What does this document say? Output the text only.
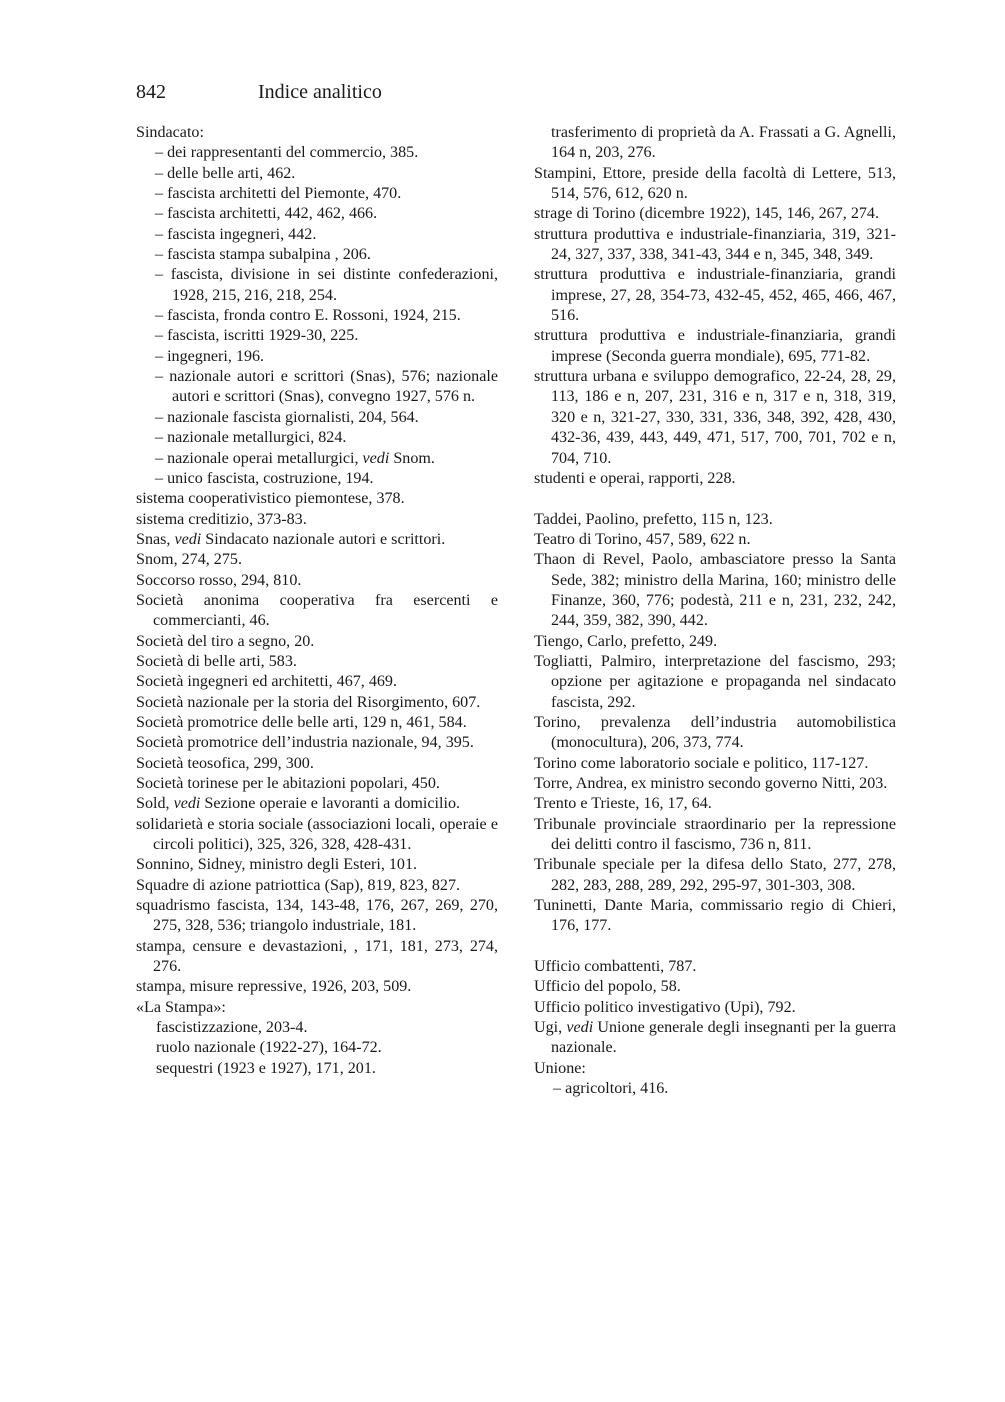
842	Indice analitico

Sindacato:

– dei rappresentanti del commercio, 385.

– delle belle arti, 462.

– fascista architetti del Piemonte, 470.

– fascista architetti, 442, 462, 466.

– fascista ingegneri, 442.

– fascista stampa subalpina , 206.

– fascista, divisione in sei distinte confederazioni, 1928, 215, 216, 218, 254.

– fascista, fronda contro E. Rossoni, 1924, 215.

– fascista, iscritti 1929-30, 225.

– ingegneri, 196.

– nazionale autori e scrittori (Snas), 576; nazionale autori e scrittori (Snas), convegno 1927, 576 n.

– nazionale fascista giornalisti, 204, 564.

– nazionale metallurgici, 824.

– nazionale operai metallurgici, vedi Snom.

– unico fascista, costruzione, 194.

sistema cooperativistico piemontese, 378.

sistema creditizio, 373-83.

Snas, vedi Sindacato nazionale autori e scrittori.

Snom, 274, 275.

Soccorso rosso, 294, 810.

Società anonima cooperativa fra esercenti e commercianti, 46.

Società del tiro a segno, 20.

Società di belle arti, 583.

Società ingegneri ed architetti, 467, 469.

Società nazionale per la storia del Risorgimento, 607.

Società promotrice delle belle arti, 129 n, 461, 584.

Società promotrice dell’industria nazionale, 94, 395.

Società teosofica, 299, 300.

Società torinese per le abitazioni popolari, 450.

Sold, vedi Sezione operaie e lavoranti a domicilio.

solidarietà e storia sociale (associazioni locali, operaie e circoli politici), 325, 326, 328, 428-431.

Sonnino, Sidney, ministro degli Esteri, 101.

Squadre di azione patriottica (Sap), 819, 823, 827.

squadrismo fascista, 134, 143-48, 176, 267, 269, 270, 275, 328, 536; triangolo industriale, 181.

stampa, censure e devastazioni, , 171, 181, 273, 274, 276.

stampa, misure repressive, 1926, 203, 509.

«La Stampa»:

fascistizzazione, 203-4.

ruolo nazionale (1922-27), 164-72.

sequestri (1923 e 1927), 171, 201.

trasferimento di proprietà da A. Frassati a G. Agnelli, 164 n, 203, 276.

Stampini, Ettore, preside della facoltà di Lettere, 513, 514, 576, 612, 620 n.

strage di Torino (dicembre 1922), 145, 146, 267, 274.

struttura produttiva e industriale-finanziaria, 319, 321-24, 327, 337, 338, 341-43, 344 e n, 345, 348, 349.

struttura produttiva e industriale-finanziaria, grandi imprese, 27, 28, 354-73, 432-45, 452, 465, 466, 467, 516.

struttura produttiva e industriale-finanziaria, grandi imprese (Seconda guerra mondiale), 695, 771-82.

struttura urbana e sviluppo demografico, 22-24, 28, 29, 113, 186 e n, 207, 231, 316 e n, 317 e n, 318, 319, 320 e n, 321-27, 330, 331, 336, 348, 392, 428, 430, 432-36, 439, 443, 449, 471, 517, 700, 701, 702 e n, 704, 710.

studenti e operai, rapporti, 228.

Taddei, Paolino, prefetto, 115 n, 123.

Teatro di Torino, 457, 589, 622 n.

Thaon di Revel, Paolo, ambasciatore presso la Santa Sede, 382; ministro della Marina, 160; ministro delle Finanze, 360, 776; podestà, 211 e n, 231, 232, 242, 244, 359, 382, 390, 442.

Tiengo, Carlo, prefetto, 249.

Togliatti, Palmiro, interpretazione del fascismo, 293; opzione per agitazione e propaganda nel sindacato fascista, 292.

Torino, prevalenza dell’industria automobilistica (monocultura), 206, 373, 774.

Torino come laboratorio sociale e politico, 117-127.

Torre, Andrea, ex ministro secondo governo Nitti, 203.

Trento e Trieste, 16, 17, 64.

Tribunale provinciale straordinario per la repressione dei delitti contro il fascismo, 736 n, 811.

Tribunale speciale per la difesa dello Stato, 277, 278, 282, 283, 288, 289, 292, 295-97, 301-303, 308.

Tuninetti, Dante Maria, commissario regio di Chieri, 176, 177.

Ufficio combattenti, 787.

Ufficio del popolo, 58.

Ufficio politico investigativo (Upi), 792.

Ugi, vedi Unione generale degli insegnanti per la guerra nazionale.

Unione:

– agricoltori, 416.
